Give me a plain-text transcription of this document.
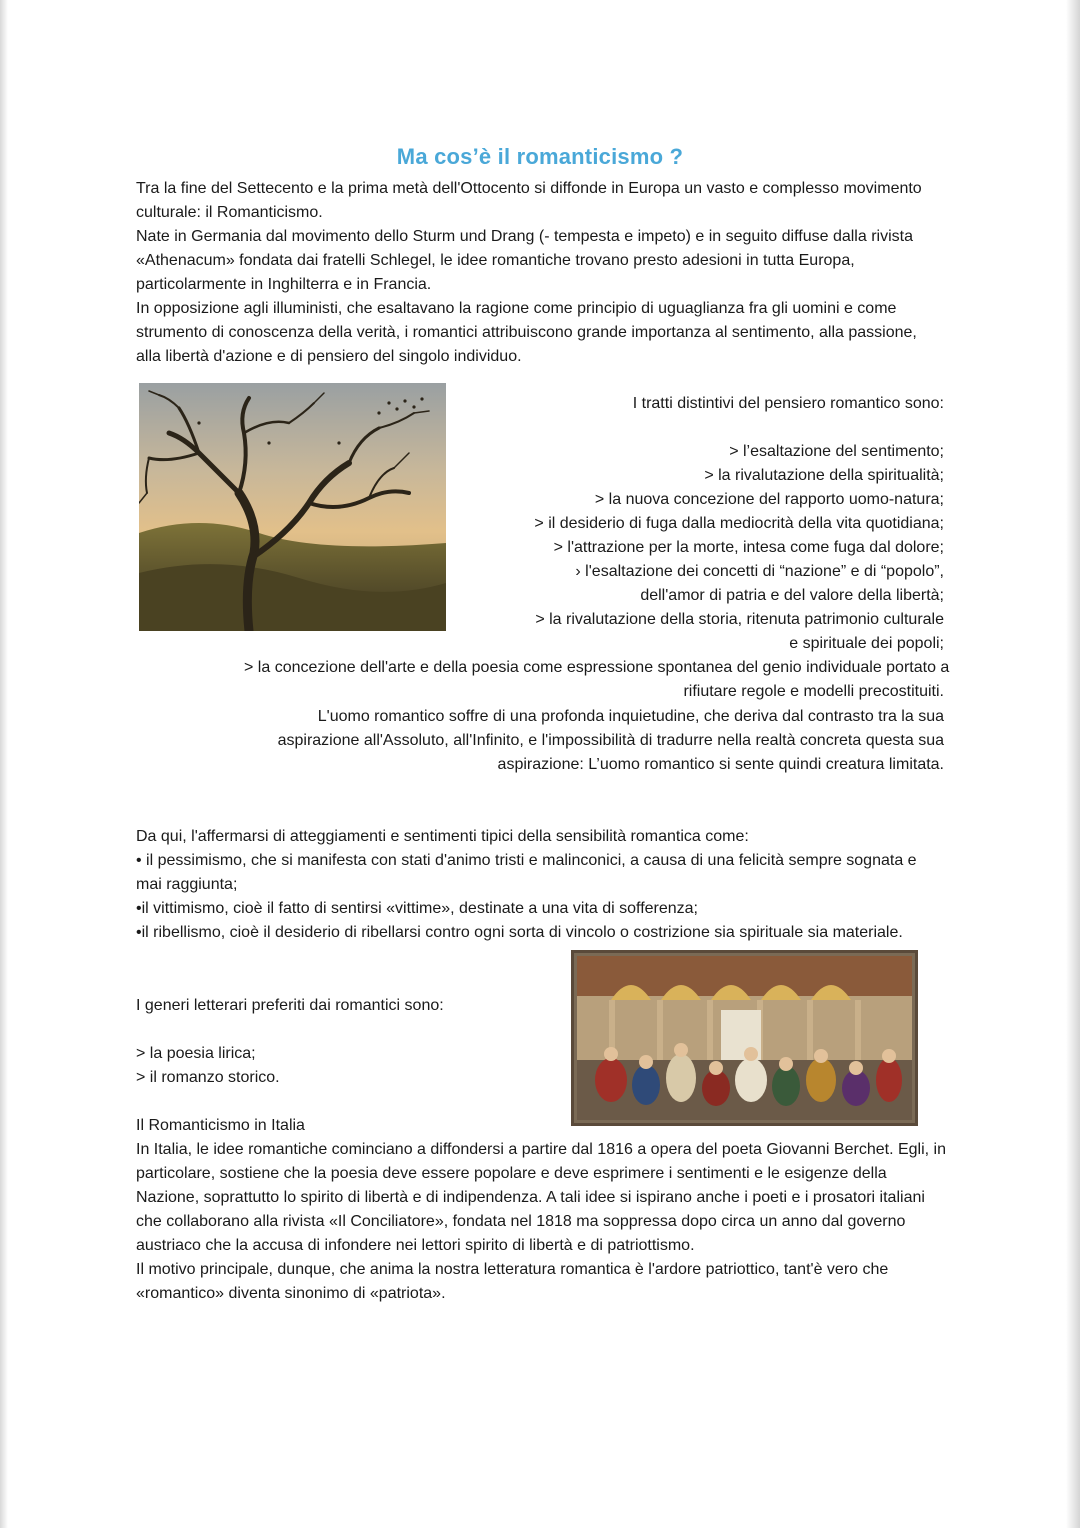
Ma cos’è il romanticismo ?

Tra la fine del Settecento e la prima metà dell'Ottocento si diffonde in Europa un vasto e complesso movimento culturale: il Romanticismo.

Nate in Germania dal movimento dello Sturm und Drang (- tempesta e impeto) e in seguito diffuse dalla rivista «Athenacum» fondata dai fratelli Schlegel, le idee romantiche trovano presto adesioni in tutta Europa, particolarmente in Inghilterra e in Francia.

In opposizione agli illuministi, che esaltavano la ragione come principio di uguaglianza fra gli uomini e come strumento di conoscenza della verità, i romantici attribuiscono grande importanza al sentimento, alla passione, alla libertà d'azione e di pensiero del singolo individuo.

I tratti distintivi del pensiero romantico sono:
> l’esaltazione del sentimento;
> la rivalutazione della spiritualità;
> la nuova concezione del rapporto uomo-natura;
> il desiderio di fuga dalla mediocrità della vita quotidiana;
> l'attrazione per la morte, intesa come fuga dal dolore;
› l'esaltazione dei concetti di “nazione” e di “popolo”,
dell'amor di patria e del valore della libertà;
> la rivalutazione della storia, ritenuta patrimonio culturale
e spirituale dei popoli;
> la concezione dell'arte e della poesia come espressione spontanea del genio individuale portato a
rifiutare regole e modelli precostituiti.
L'uomo romantico soffre di una profonda inquietudine, che deriva dal contrasto tra la sua
aspirazione all'Assoluto, all'Infinito, e l'impossibilità di tradurre nella realtà concreta questa sua
aspirazione: L’uomo romantico si sente quindi creatura limitata.

Da qui, l'affermarsi di atteggiamenti e sentimenti tipici della sensibilità romantica come:

• il pessimismo, che si manifesta con stati d'animo tristi e malinconici, a causa di una felicità sempre sognata e mai raggiunta;

•il vittimismo, cioè il fatto di sentirsi «vittime», destinate a una vita di sofferenza;

•il ribellismo, cioè il desiderio di ribellarsi contro ogni sorta di vincolo o costrizione sia spirituale sia materiale.

I generi letterari preferiti dai romantici sono:

> la poesia lirica;

> il romanzo storico.

Il Romanticismo in Italia

In Italia, le idee romantiche cominciano a diffondersi a partire dal 1816 a opera del poeta Giovanni Berchet. Egli, in particolare, sostiene che la poesia deve essere popolare e deve esprimere i sentimenti e le esigenze della Nazione, soprattutto lo spirito di libertà e di indipendenza. A tali idee si ispirano anche i poeti e i prosatori italiani che collaborano alla rivista «Il Conciliatore», fondata nel 1818 ma soppressa dopo circa un anno dal governo austriaco che la accusa di infondere nei lettori spirito di libertà e di patriottismo.

Il motivo principale, dunque, che anima la nostra letteratura romantica è l'ardore patriottico, tant'è vero che «romantico» diventa sinonimo di «patriota».
